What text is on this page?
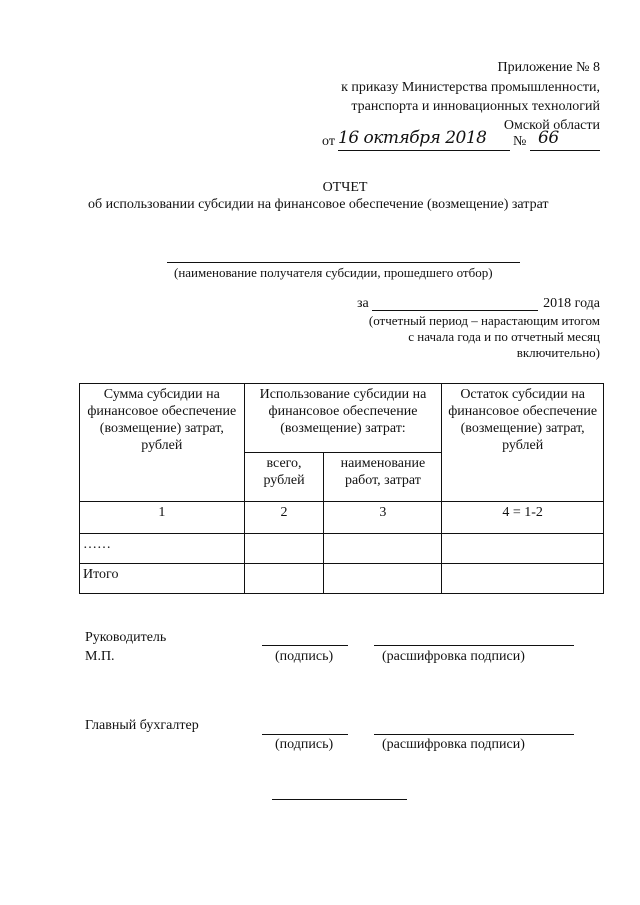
Приложение № 8
к приказу Министерства промышленности,
транспорта и инновационных технологий
Омской области
от 16 октября 2018 № 66
ОТЧЕТ
об использовании субсидии на финансовое обеспечение (возмещение) затрат
(наименование получателя субсидии, прошедшего отбор)
за	2018 года
(отчетный период – нарастающим итогом
с начала года и по отчетный месяц
включительно)
Сумма субсидии на финансовое обеспечение (возмещение) затрат, рублей	Использование субсидии на финансовое обеспечение (возмещение) затрат:		Остаток субсидии на финансовое обеспечение (возмещение) затрат, рублей
	всего, рублей	наименование работ, затрат	
1	2	3	4 = 1-2
……			
Итого			
Руководитель
М.П.	(подпись)	(расшифровка подписи)
Главный бухгалтер
(подпись)	(расшифровка подписи)
